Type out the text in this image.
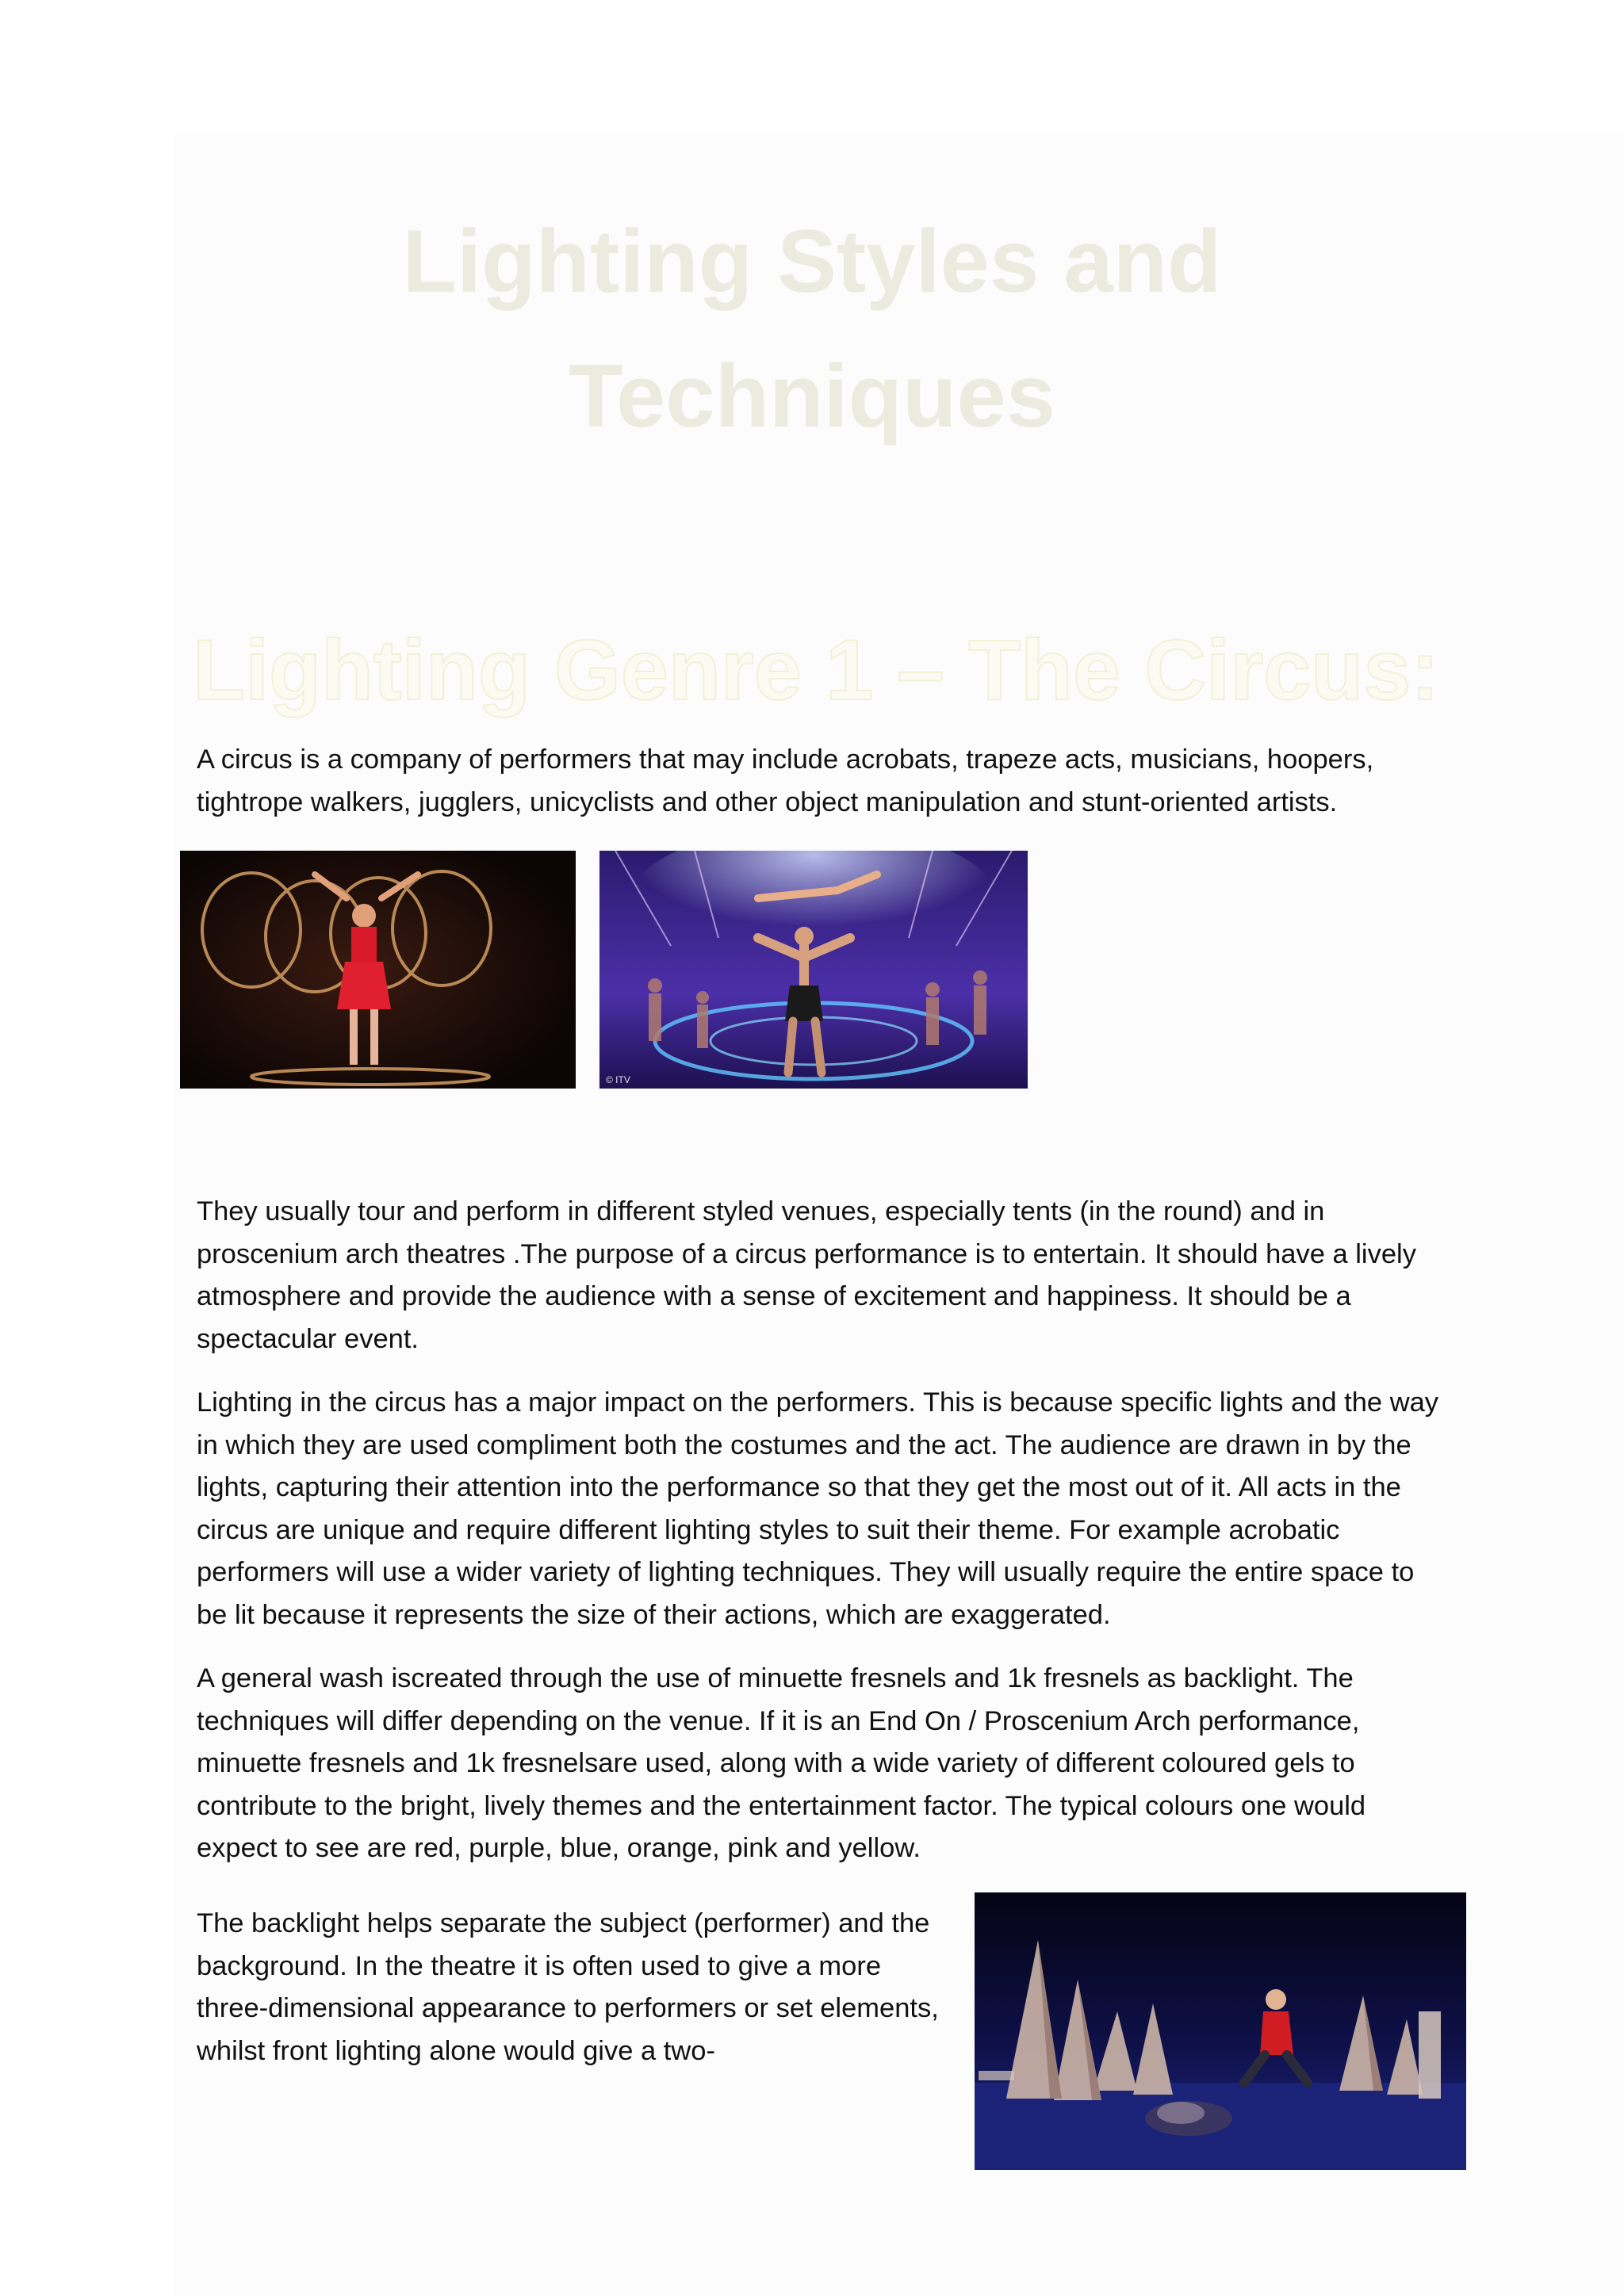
Lighting Styles and
Techniques
Lighting Genre 1 – The Circus:

A circus is a company of performers that may include acrobats, trapeze acts, musicians, hoopers, tightrope walkers, jugglers, unicyclists and other object manipulation and stunt-oriented artists.

© ITV

They usually tour and perform in different styled venues, especially tents (in the round) and in proscenium arch theatres .The purpose of a circus performance is to entertain. It should have a lively atmosphere and provide the audience with a sense of excitement and happiness. It should be a spectacular event.

Lighting in the circus has a major impact on the performers. This is because specific lights and the way in which they are used compliment both the costumes and the act. The audience are drawn in by the lights, capturing their attention into the performance so that they get the most out of it. All acts in the circus are unique and require different lighting styles to suit their theme. For example acrobatic performers will use a wider variety of lighting techniques. They will usually require the entire space to be lit because it represents the size of their actions, which are exaggerated.

A general wash iscreated through the use of minuette fresnels and 1k fresnels as backlight. The techniques will differ depending on the venue. If it is an End On / Proscenium Arch performance, minuette fresnels and 1k fresnelsare used, along with a wide variety of different coloured gels to contribute to the bright, lively themes and the entertainment factor. The typical colours one would expect to see are red, purple, blue, orange, pink and yellow.

The backlight helps separate the subject (performer) and the background. In the theatre it is often used to give a more three-dimensional appearance to performers or set elements, whilst front lighting alone would give a two-
